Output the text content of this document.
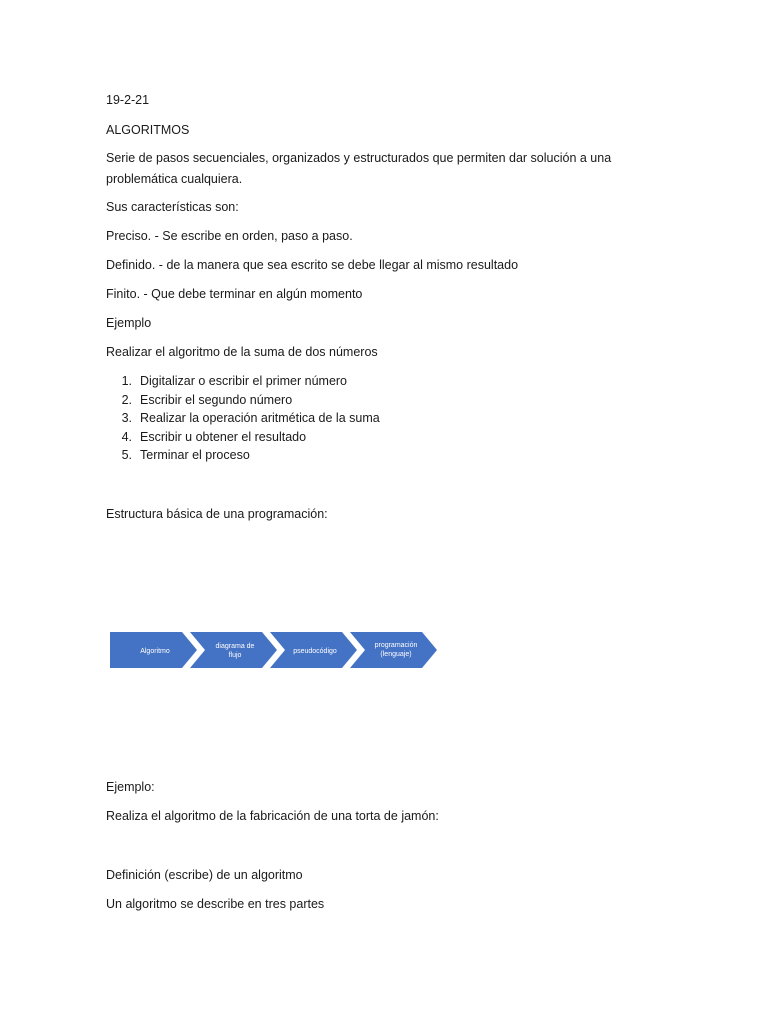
19-2-21
ALGORITMOS
Serie de pasos secuenciales, organizados y estructurados que permiten dar solución a una problemática cualquiera.
Sus características son:
Preciso. - Se escribe en orden, paso a paso.
Definido. - de la manera que sea escrito se debe llegar al mismo resultado
Finito. - Que debe terminar en algún momento
Ejemplo
Realizar el algoritmo de la suma de dos números
1. Digitalizar o escribir el primer número
2. Escribir el segundo número
3. Realizar la operación aritmética de la suma
4. Escribir u obtener el resultado
5. Terminar el proceso
Estructura básica de una programación:
Algoritmo
diagrama de
flujo
pseudocódigo
programación
(lenguaje)
Ejemplo:
Realiza el algoritmo de la fabricación de una torta de jamón:
Definición (escribe) de un algoritmo
Un algoritmo se describe en tres partes
